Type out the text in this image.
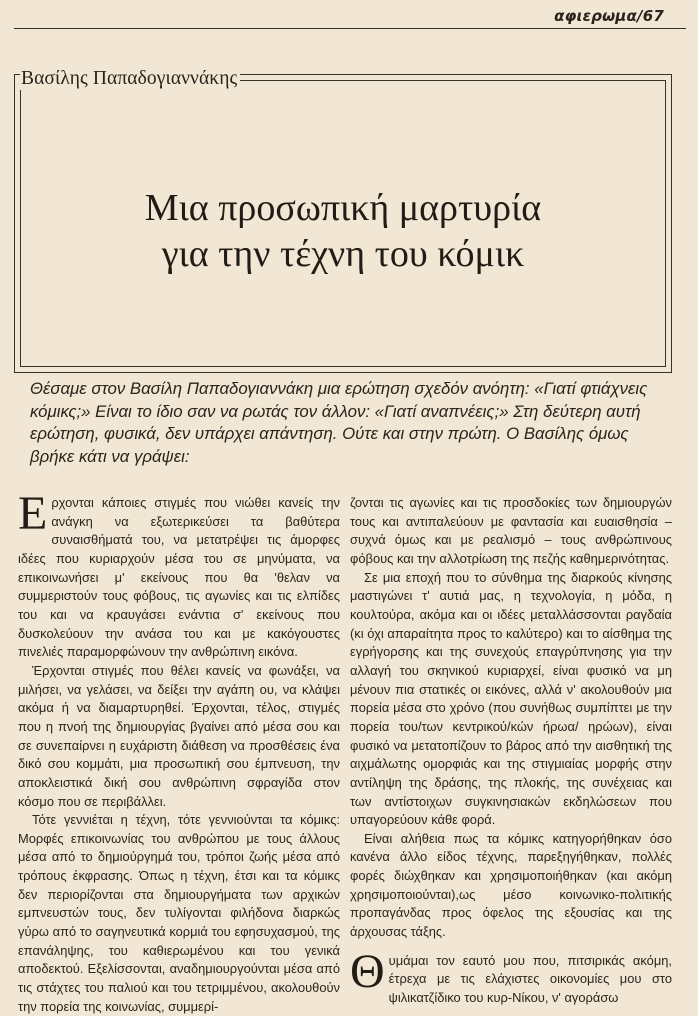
αφιερωμα/67
Μια προσωπική μαρτυρία
για την τέχνη του κόμικ
Βασίλης Παπαδογιαννάκης
Θέσαμε στον Βασίλη Παπαδογιαννάκη μια ερώτηση σχεδόν ανόητη: «Γιατί φτιάχνεις κόμικς;» Είναι το ίδιο σαν να ρωτάς τον άλλον: «Γιατί αναπνέεις;» Στη δεύτερη αυτή ερώτηση, φυσικά, δεν υπάρχει απάντηση. Ούτε και στην πρώτη. Ο Βασίλης όμως βρήκε κάτι να γράψει:

Ερχονται κάποιες στιγμές που νιώθει κανείς την ανάγκη να εξωτερικεύσει τα βαθύτερα συναισθήματά του, να μετατρέψει τις άμορφες ιδέες που κυριαρχούν μέσα του σε μηνύματα, να επικοινωνήσει μ' εκείνους που θα 'θελαν να συμμεριστούν τους φόβους, τις αγωνίες και τις ελπίδες του και να κραυγάσει ενάντια σ' εκείνους που δυσκολεύουν την ανάσα του και με κακόγουστες πινελιές παραμορφώνουν την ανθρώπινη εικόνα.

Έρχονται στιγμές που θέλει κανείς να φωνάξει, να μιλήσει, να γελάσει, να δείξει την αγάπη ου, να κλάψει ακόμα ή να διαμαρτυρηθεί. Έρχονται, τέλος, στιγμές που η πνοή της δημιουργίας βγαίνει από μέσα σου και σε συνεπαίρνει η ευχάριστη διάθεση να προσθέσεις ένα δικό σου κομμάτι, μια προσωπική σου έμπνευση, την αποκλειστικά δική σου ανθρώπινη σφραγίδα στον κόσμο που σε περιβάλλει.

Τότε γεννιέται η τέχνη, τότε γεννιούνται τα κόμικς: Μορφές επικοινωνίας του ανθρώπου με τους άλλους μέσα από το δημιούργημά του, τρόποι ζωής μέσα από τρόπους έκφρασης. Όπως η τέχνη, έτσι και τα κόμικς δεν περιορίζονται στα δημιουργήματα των αρχικών εμπνευστών τους, δεν τυλίγονται φιλήδονα διαρκώς γύρω από το σαγηνευτικά κορμιά του εφησυχασμού, της επανάληψης, του καθιερωμένου και του γενικά αποδεκτού. Εξελίσσονται, αναδημιουργούνται μέσα από τις στάχτες του παλιού και του τετριμμένου, ακολουθούν την πορεία της κοινωνίας, συμμερί-

ζονται τις αγωνίες και τις προσδοκίες των δημιουργών τους και αντιπαλεύουν με φαντασία και ευαισθησία – συχνά όμως και με ρεαλισμό – τους ανθρώπινους φόβους και την αλλοτρίωση της πεζής καθημερινότητας.

Σε μια εποχή που το σύνθημα της διαρκούς κίνησης μαστιγώνει τ' αυτιά μας, η τεχνολογία, η μόδα, η κουλτούρα, ακόμα και οι ιδέες μεταλλάσσονται ραγδαία (κι όχι απαραίτητα προς το καλύτερο) και το αίσθημα της εγρήγορσης και της συνεχούς επαγρύπνησης για την αλλαγή του σκηνικού κυριαρχεί, είναι φυσικό να μη μένουν πια στατικές οι εικόνες, αλλά ν' ακολουθούν μια πορεία μέσα στο χρόνο (που συνήθως συμπίπτει με την πορεία του/των κεντρικού/κών ήρωα/ ηρώων), είναι φυσικό να μετατοπίζουν το βάρος από την αισθητική της αιχμάλωτης ομορφιάς και της στιγμιαίας μορφής στην αντίληψη της δράσης, της πλοκής, της συνέχειας και των αντίστοιχων συγκινησιακών εκδηλώσεων που υπαγορεύουν κάθε φορά.

Είναι αλήθεια πως τα κόμικς κατηγορήθηκαν όσο κανένα άλλο είδος τέχνης, παρεξηγήθηκαν, πολλές φορές διώχθηκαν και χρησιμοποιήθηκαν (και ακόμη χρησιμοποιούνται),ως μέσο κοινωνικο-πολιτικής προπαγάνδας προς όφελος της εξουσίας και της άρχουσας τάξης.

Θυμάμαι τον εαυτό μου που, πιτσιρικάς ακόμη, έτρεχα με τις ελάχιστες οικονομίες μου στο ψιλικατζίδικο του κυρ-Νίκου, ν' αγοράσω
